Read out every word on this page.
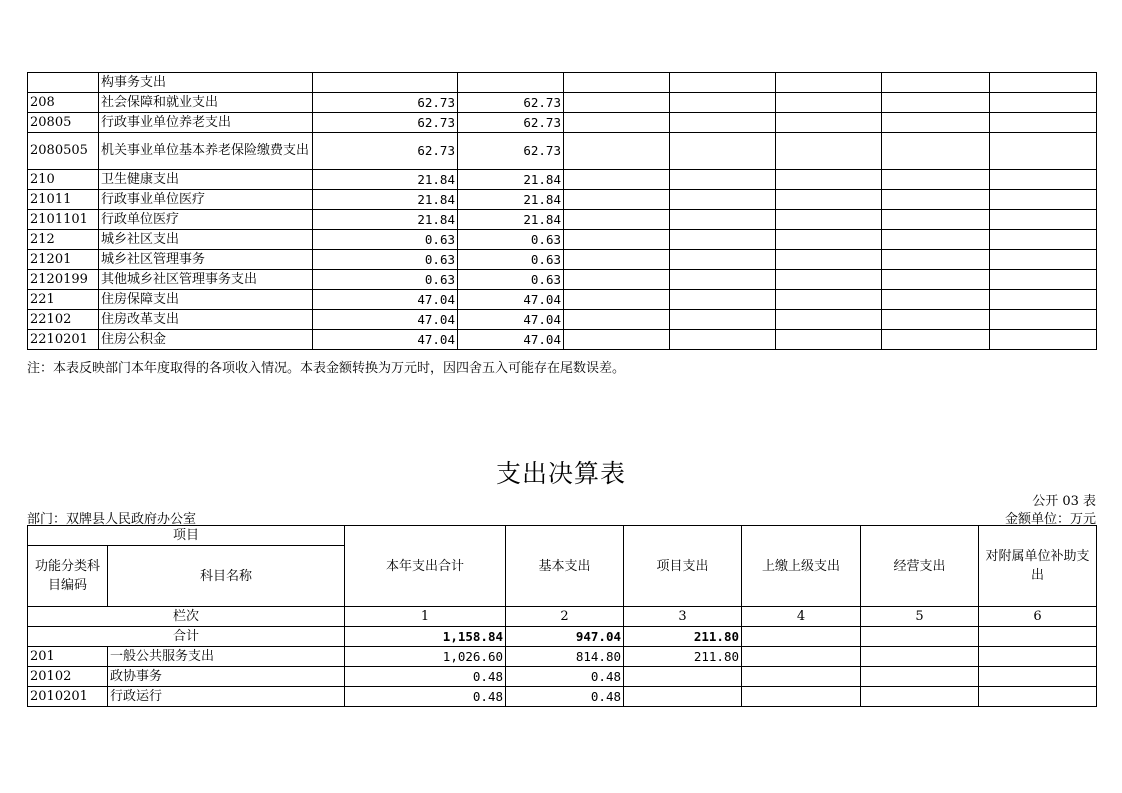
	构事务支出							
208	社会保障和就业支出	62.73	62.73					
20805	行政事业单位养老支出	62.73	62.73					
2080505	机关事业单位基本养老保险缴费支出	62.73	62.73					
210	卫生健康支出	21.84	21.84					
21011	行政事业单位医疗	21.84	21.84					
2101101	行政单位医疗	21.84	21.84					
212	城乡社区支出	0.63	0.63					
21201	城乡社区管理事务	0.63	0.63					
2120199	其他城乡社区管理事务支出	0.63	0.63					
221	住房保障支出	47.04	47.04					
22102	住房改革支出	47.04	47.04					
2210201	住房公积金	47.04	47.04					
注：本表反映部门本年度取得的各项收入情况。本表金额转换为万元时，因四舍五入可能存在尾数误差。
支出决算表
公开 03 表
部门：双牌县人民政府办公室	金额单位：万元
项目		本年支出合计	基本支出	项目支出	上缴上级支出	经营支出	对附属单位补助支出
功能分类科目编码	科目名称						
栏次		1	2	3	4	5	6
合计		1,158.84	947.04	211.80			
201	一般公共服务支出	1,026.60	814.80	211.80			
20102	政协事务	0.48	0.48				
2010201	行政运行	0.48	0.48				
